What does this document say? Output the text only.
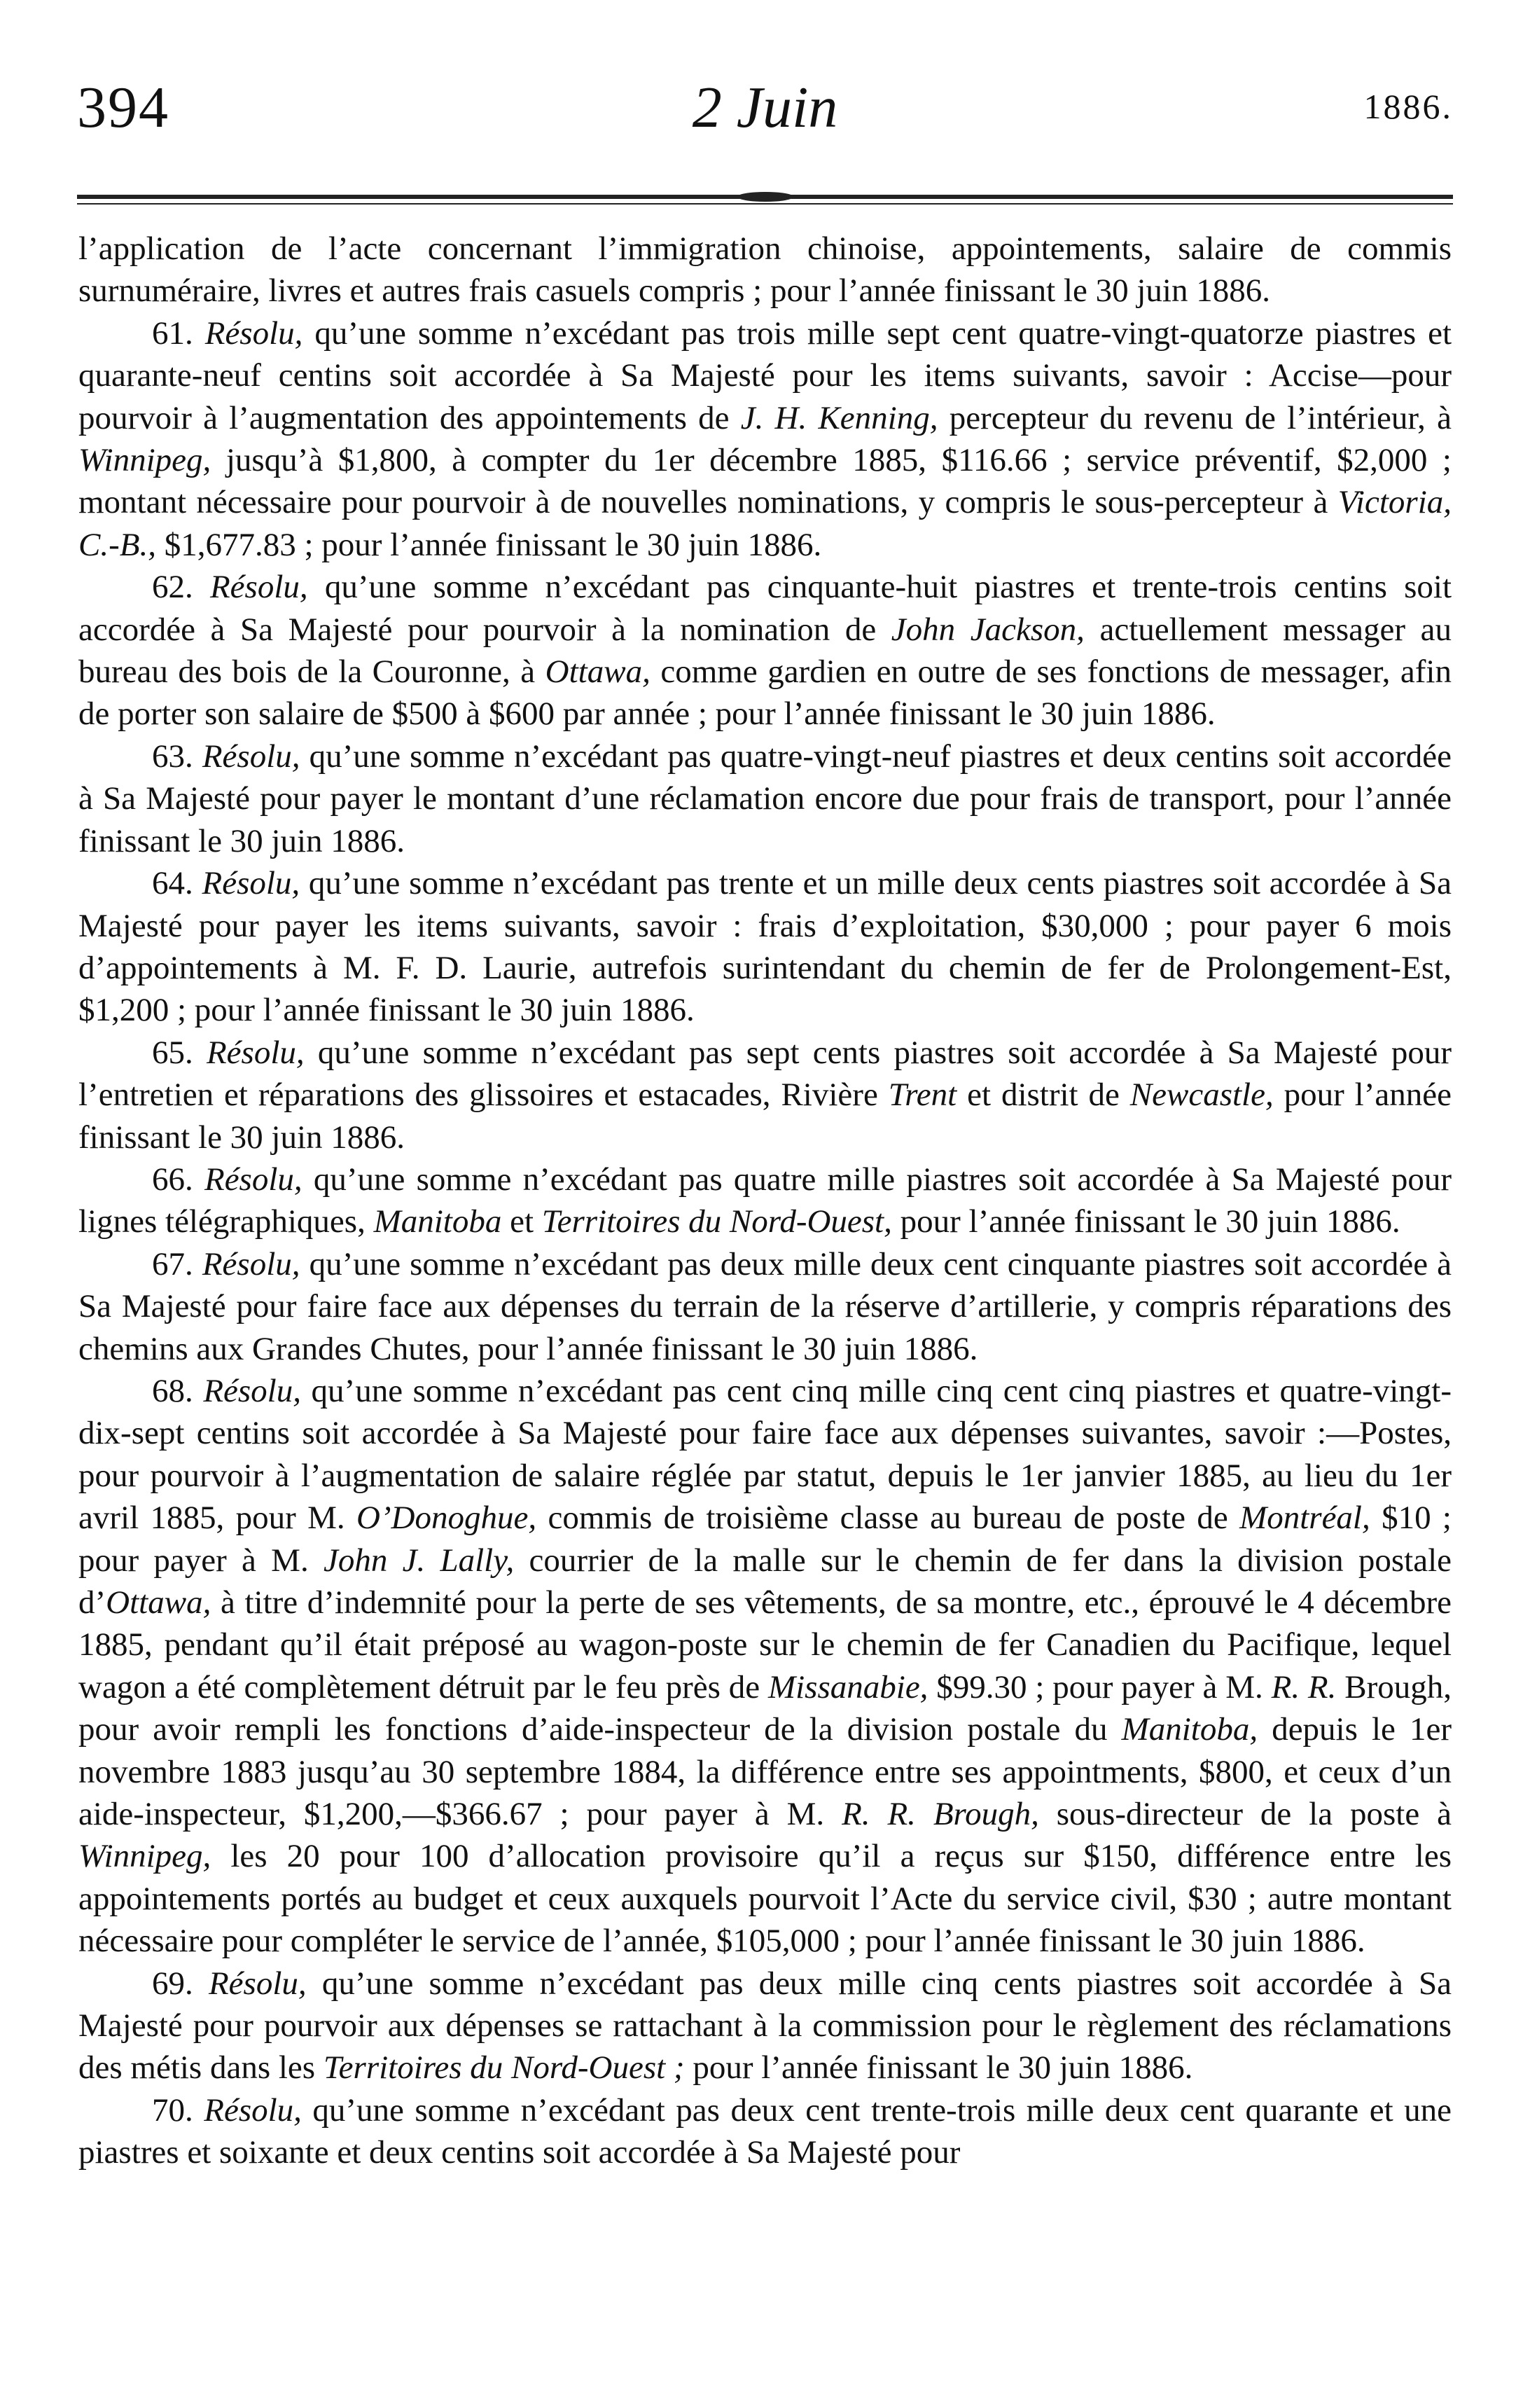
394	2 Juin	1886.

l’application de l’acte concernant l’immigration chinoise, appointements, salaire de commis surnuméraire, livres et autres frais casuels compris ; pour l’année finissant le 30 juin 1886.

61. Résolu, qu’une somme n’excédant pas trois mille sept cent quatre-vingt-quatorze piastres et quarante-neuf centins soit accordée à Sa Majesté pour les items suivants, savoir : Accise—pour pourvoir à l’augmentation des appointements de J. H. Kenning, percepteur du revenu de l’intérieur, à Winnipeg, jusqu’à $1,800, à compter du 1er décembre 1885, $116.66 ; service préventif, $2,000 ; montant nécessaire pour pourvoir à de nouvelles nominations, y compris le sous-percepteur à Victoria, C.-B., $1,677.83 ; pour l’année finissant le 30 juin 1886.

62. Résolu, qu’une somme n’excédant pas cinquante-huit piastres et trente-trois centins soit accordée à Sa Majesté pour pourvoir à la nomination de John Jackson, actuellement messager au bureau des bois de la Couronne, à Ottawa, comme gardien en outre de ses fonctions de messager, afin de porter son salaire de $500 à $600 par année ; pour l’année finissant le 30 juin 1886.

63. Résolu, qu’une somme n’excédant pas quatre-vingt-neuf piastres et deux centins soit accordée à Sa Majesté pour payer le montant d’une réclamation encore due pour frais de transport, pour l’année finissant le 30 juin 1886.

64. Résolu, qu’une somme n’excédant pas trente et un mille deux cents piastres soit accordée à Sa Majesté pour payer les items suivants, savoir : frais d’exploitation, $30,000 ; pour payer 6 mois d’appointements à M. F. D. Laurie, autrefois surintendant du chemin de fer de Prolongement-Est, $1,200 ; pour l’année finissant le 30 juin 1886.

65. Résolu, qu’une somme n’excédant pas sept cents piastres soit accordée à Sa Majesté pour l’entretien et réparations des glissoires et estacades, Rivière Trent et distrit de Newcastle, pour l’année finissant le 30 juin 1886.

66. Résolu, qu’une somme n’excédant pas quatre mille piastres soit accordée à Sa Majesté pour lignes télégraphiques, Manitoba et Territoires du Nord-Ouest, pour l’année finissant le 30 juin 1886.

67. Résolu, qu’une somme n’excédant pas deux mille deux cent cinquante piastres soit accordée à Sa Majesté pour faire face aux dépenses du terrain de la réserve d’artillerie, y compris réparations des chemins aux Grandes Chutes, pour l’année finissant le 30 juin 1886.

68. Résolu, qu’une somme n’excédant pas cent cinq mille cinq cent cinq piastres et quatre-vingt-dix-sept centins soit accordée à Sa Majesté pour faire face aux dépenses suivantes, savoir :—Postes, pour pourvoir à l’augmentation de salaire réglée par statut, depuis le 1er janvier 1885, au lieu du 1er avril 1885, pour M. O’Donoghue, commis de troisième classe au bureau de poste de Montréal, $10 ; pour payer à M. John J. Lally, courrier de la malle sur le chemin de fer dans la division postale d’Ottawa, à titre d’indemnité pour la perte de ses vêtements, de sa montre, etc., éprouvé le 4 décembre 1885, pendant qu’il était préposé au wagon-poste sur le chemin de fer Canadien du Pacifique, lequel wagon a été complètement détruit par le feu près de Missanabie, $99.30 ; pour payer à M. R. R. Brough, pour avoir rempli les fonctions d’aide-inspecteur de la division postale du Manitoba, depuis le 1er novembre 1883 jusqu’au 30 septembre 1884, la différence entre ses appointments, $800, et ceux d’un aide-inspecteur, $1,200,—$366.67 ; pour payer à M. R. R. Brough, sous-directeur de la poste à Winnipeg, les 20 pour 100 d’allocation provisoire qu’il a reçus sur $150, différence entre les appointements portés au budget et ceux auxquels pourvoit l’Acte du service civil, $30 ; autre montant nécessaire pour compléter le service de l’année, $105,000 ; pour l’année finissant le 30 juin 1886.

69. Résolu, qu’une somme n’excédant pas deux mille cinq cents piastres soit accordée à Sa Majesté pour pourvoir aux dépenses se rattachant à la commission pour le règlement des réclamations des métis dans les Territoires du Nord-Ouest ; pour l’année finissant le 30 juin 1886.

70. Résolu, qu’une somme n’excédant pas deux cent trente-trois mille deux cent quarante et une piastres et soixante et deux centins soit accordée à Sa Majesté pour
